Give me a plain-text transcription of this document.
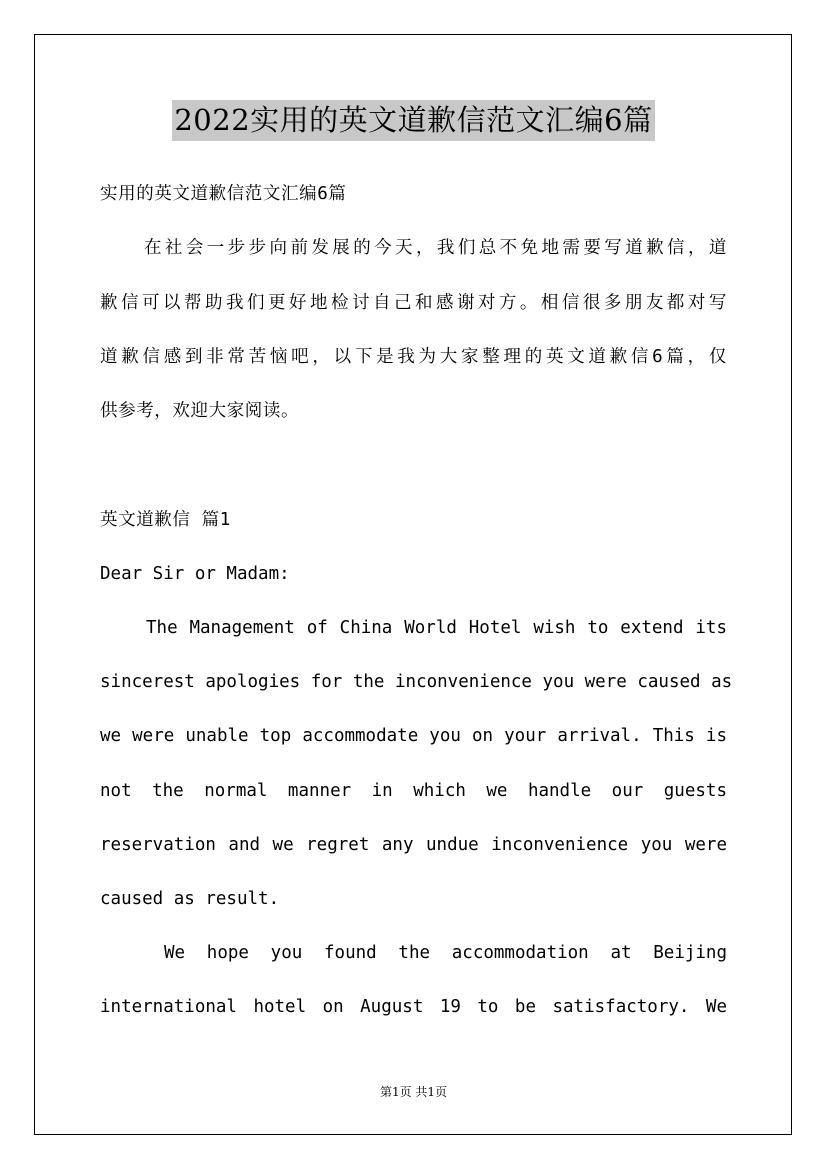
2022实用的英文道歉信范文汇编6篇
实用的英文道歉信范文汇编6篇
在社会一步步向前发展的今天，我们总不免地需要写道歉信，道
歉信可以帮助我们更好地检讨自己和感谢对方。相信很多朋友都对写
道歉信感到非常苦恼吧，以下是我为大家整理的英文道歉信6篇，仅
供参考，欢迎大家阅读。
英文道歉信 篇1
Dear Sir or Madam:
The Management of China World Hotel wish to extend its
sincerest apologies for the inconvenience you were caused as
we were unable top accommodate you on your arrival. This is
not the normal manner in which we handle our guests
reservation and we regret any undue inconvenience you were
caused as result.
We hope you found the accommodation at Beijing
international hotel on August 19 to be satisfactory. We
第1页 共1页
